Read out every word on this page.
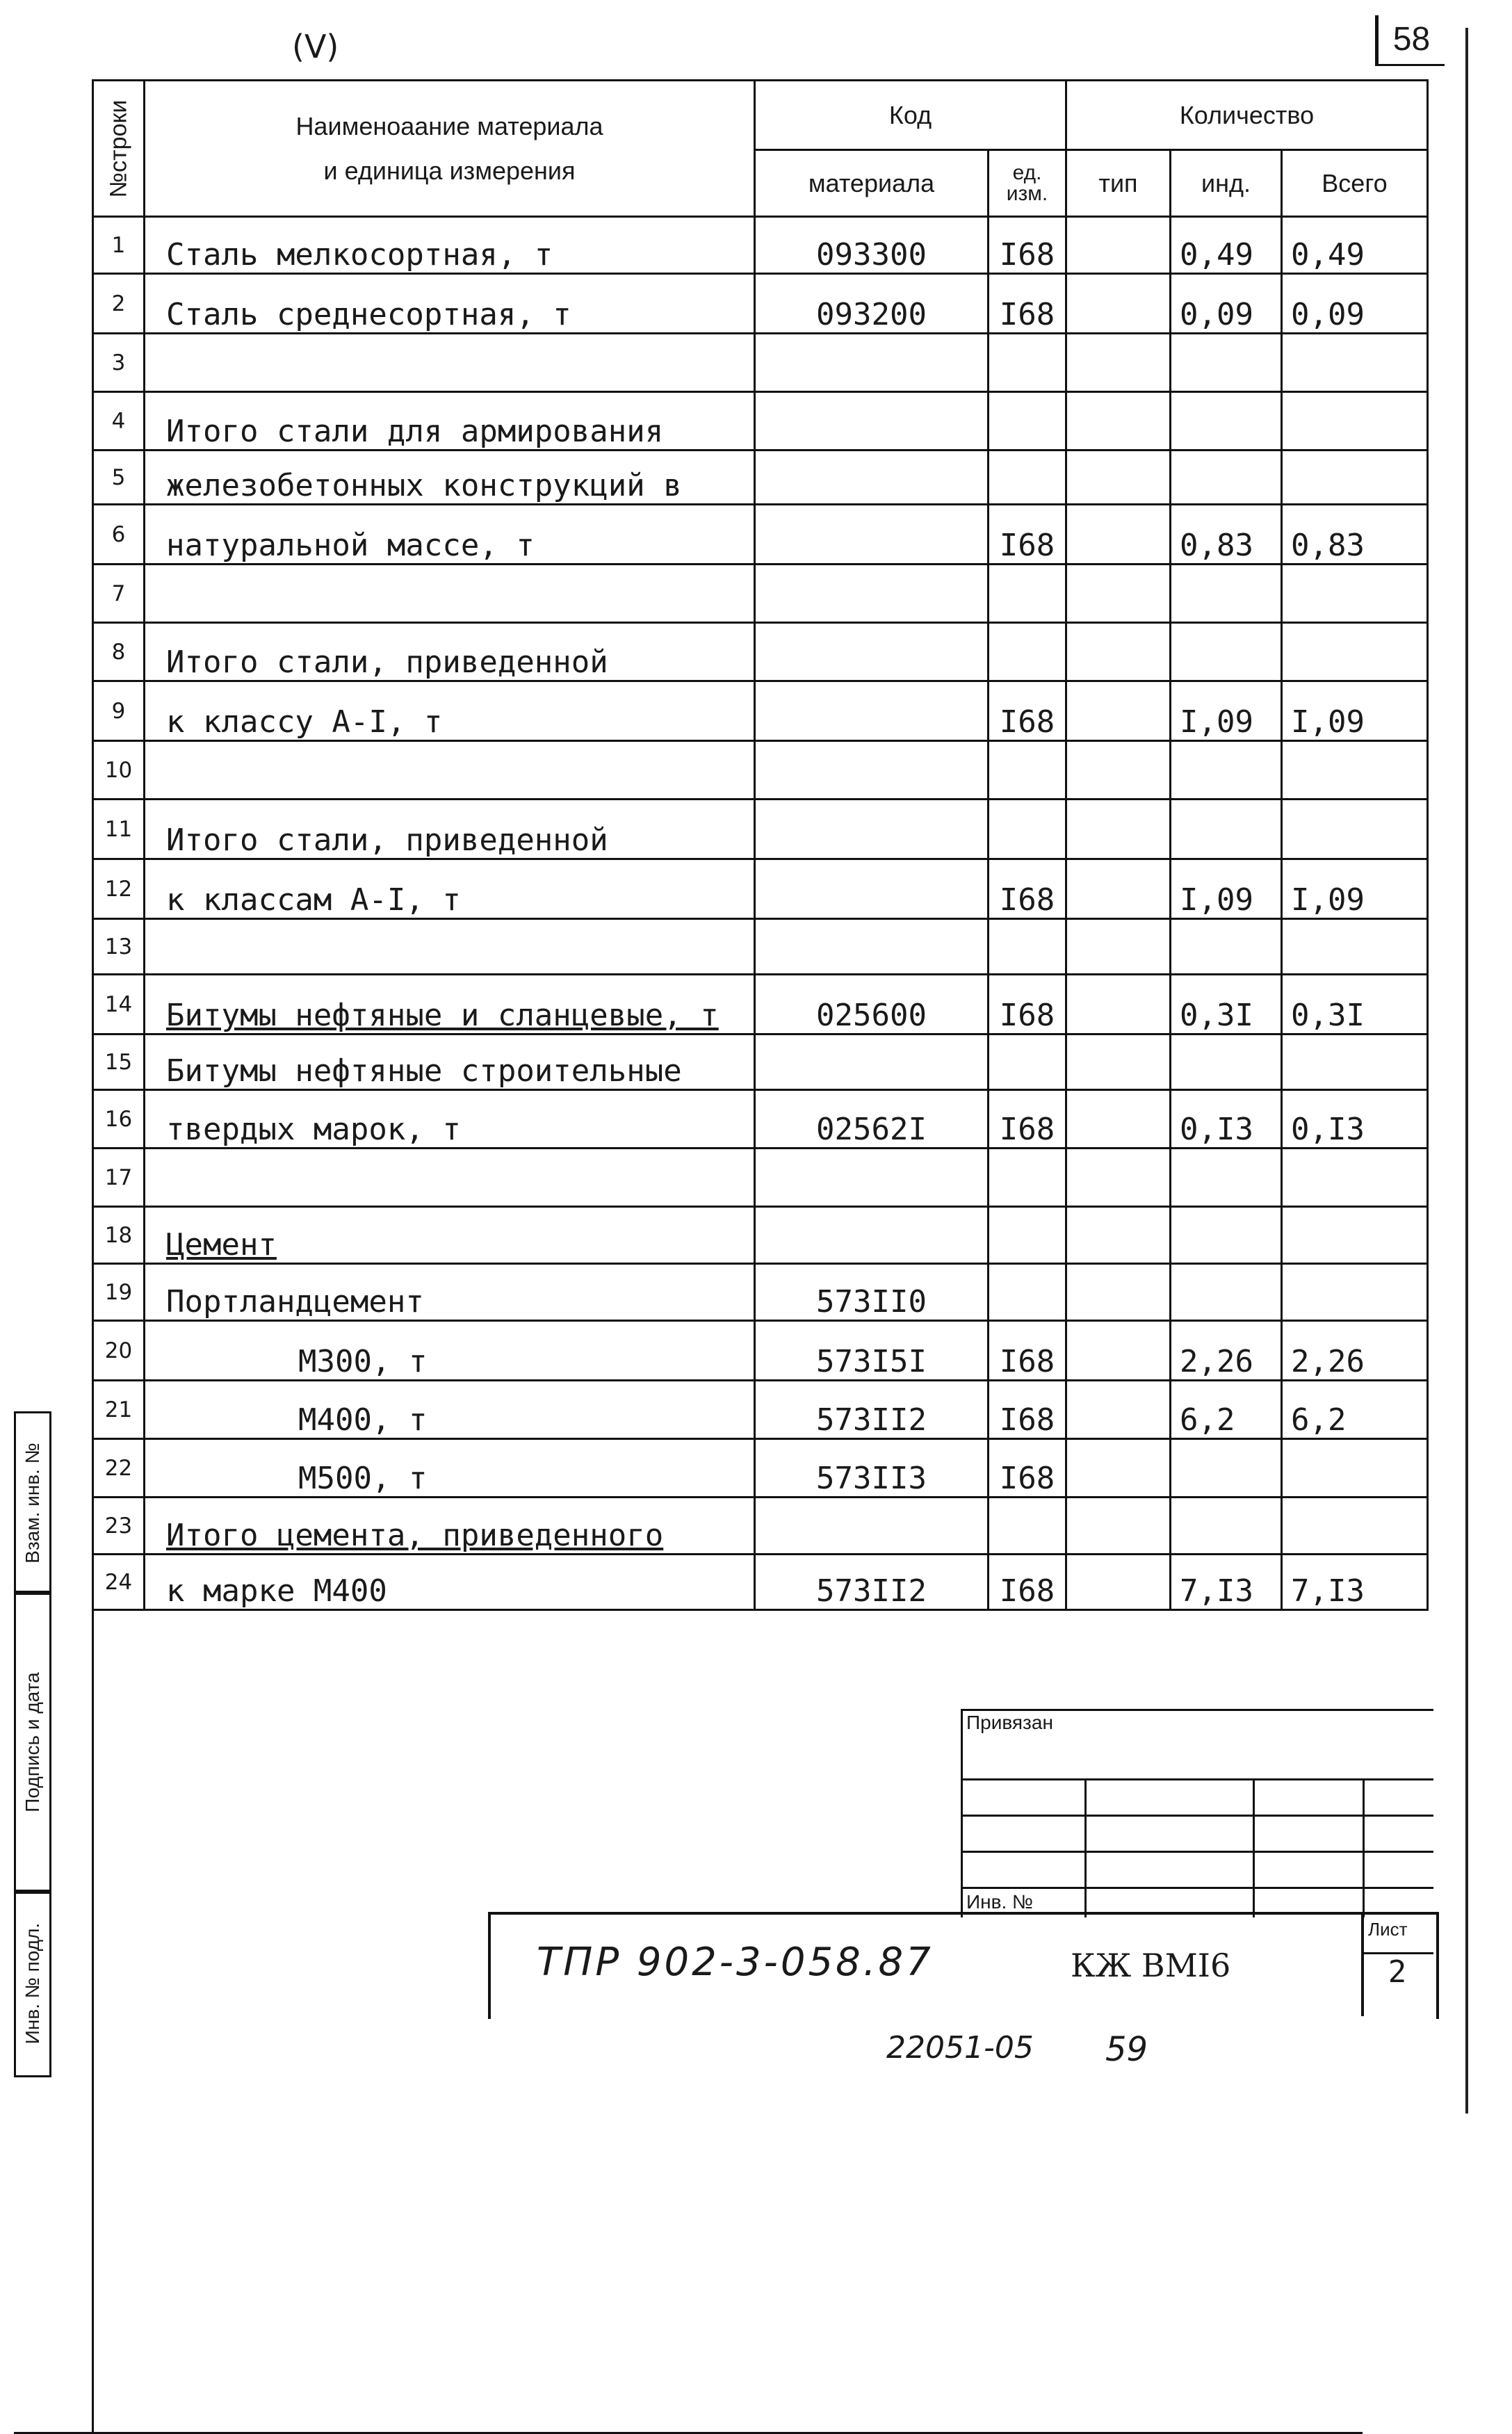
(V)	58
№строки	Наименоаание материала
и единица измерения	Код		Количество		
		материала	ед. изм.	тип	инд.	Всего
1	Сталь мелкосортная, т	093300	I68		0,49	0,49
2	Сталь среднесортная, т	093200	I68		0,09	0,09
3						
4	Итого стали для армирования					
5	железобетонных конструкций в					
6	натуральной массе, т		I68		0,83	0,83
7						
8	Итого стали, приведенной					
9	к классу А-I, т		I68		I,09	I,09
10						
11	Итого стали, приведенной					
12	к классам А-I, т		I68		I,09	I,09
13						
14	Битумы нефтяные и сланцевые, т	025600	I68		0,3I	0,3I
15	Битумы нефтяные строительные					
16	твердых марок, т	02562I	I68		0,I3	0,I3
17						
18	Цемент					
19	Портландцемент	573II0				
20	М300, т	573I5I	I68		2,26	2,26
21	М400, т	573II2	I68		6,2	6,2
22	М500, т	573II3	I68			
23	Итого цемента, приведенного					
24	к марке М400	573II2	I68		7,I3	7,I3
Взам. инв. №
Подпись и дата
Инв. № подл.
Привязан
Инв. №
ТПР 902-3-058.87	КЖ ВМI6
Лист
2
22051-05 59
